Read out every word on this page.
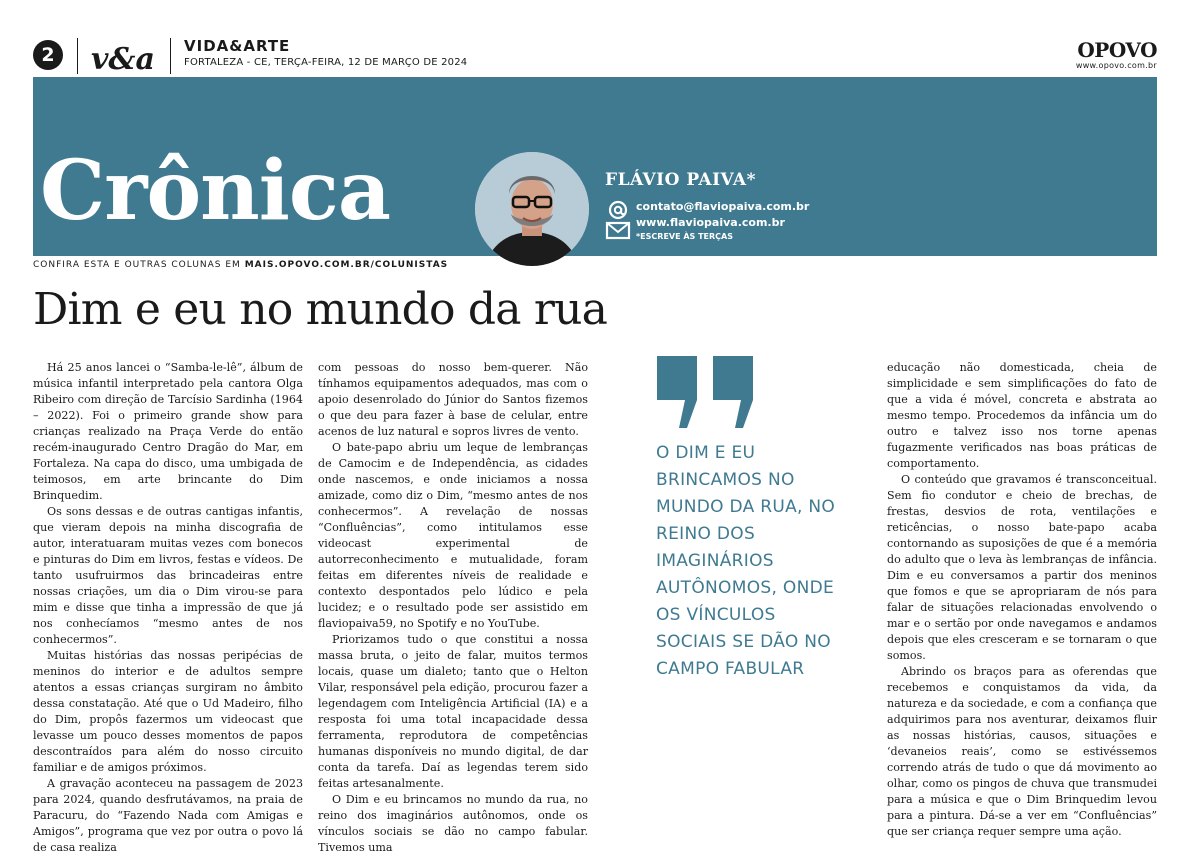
2 v&a VIDA&ARTE
FORTALEZA - CE, TERÇA-FEIRA, 12 DE MARÇO DE 2024
OPOVO
www.opovo.com.br
Crônica	FLÁVIO PAIVA*
contato@flaviopaiva.com.br
www.flaviopaiva.com.br
*ESCREVE ÀS TERÇAS
CONFIRA ESTA E OUTRAS COLUNAS EM MAIS.OPOVO.COM.BR/COLUNISTAS
Dim e eu no mundo da rua

Há 25 anos lancei o “Samba-le-lê”, álbum de música infantil interpretado pela cantora Olga Ribeiro com direção de Tarcísio Sardinha (1964 – 2022). Foi o primeiro grande show para crianças realizado na Praça Verde do então recém-inaugurado Centro Dragão do Mar, em Fortaleza. Na capa do disco, uma umbigada de teimosos, em arte brincante do Dim Brinquedim.

Os sons dessas e de outras cantigas infantis, que vieram depois na minha discografia de autor, interatuaram muitas vezes com bonecos e pinturas do Dim em livros, festas e vídeos. De tanto usufruirmos das brincadeiras entre nossas criações, um dia o Dim virou-se para mim e disse que tinha a impressão de que já nos conhecíamos “mesmo antes de nos conhecermos”.

Muitas histórias das nossas peripécias de meninos do interior e de adultos sempre atentos a essas crianças surgiram no âmbito dessa constatação. Até que o Ud Madeiro, filho do Dim, propôs fazermos um videocast que levasse um pouco desses momentos de papos descontraídos para além do nosso circuito familiar e de amigos próximos.

A gravação aconteceu na passagem de 2023 para 2024, quando desfrutávamos, na praia de Paracuru, do “Fazendo Nada com Amigas e Amigos”, programa que vez por outra o povo lá de casa realiza

com pessoas do nosso bem-querer. Não tínhamos equipamentos adequados, mas com o apoio desenrolado do Júnior do Santos fizemos o que deu para fazer à base de celular, entre acenos de luz natural e sopros livres de vento.

O bate-papo abriu um leque de lembranças de Camocim e de Independência, as cidades onde nascemos, e onde iniciamos a nossa amizade, como diz o Dim, “mesmo antes de nos conhecermos”. A revelação de nossas “Confluências”, como intitulamos esse videocast experimental de autorreconhecimento e mutualidade, foram feitas em diferentes níveis de realidade e contexto despontados pelo lúdico e pela lucidez; e o resultado pode ser assistido em flaviopaiva59, no Spotify e no YouTube.

Priorizamos tudo o que constitui a nossa massa bruta, o jeito de falar, muitos termos locais, quase um dialeto; tanto que o Helton Vilar, responsável pela edição, procurou fazer a legendagem com Inteligência Artificial (IA) e a resposta foi uma total incapacidade dessa ferramenta, reprodutora de competências humanas disponíveis no mundo digital, de dar conta da tarefa. Daí as legendas terem sido feitas artesanalmente.

O Dim e eu brincamos no mundo da rua, no reino dos imaginários autônomos, onde os vínculos sociais se dão no campo fabular. Tivemos uma

O DIM E EU BRINCAMOS NO MUNDO DA RUA, NO REINO DOS IMAGINÁRIOS AUTÔNOMOS, ONDE OS VÍNCULOS SOCIAIS SE DÃO NO CAMPO FABULAR

educação não domesticada, cheia de simplicidade e sem simplificações do fato de que a vida é móvel, concreta e abstrata ao mesmo tempo. Procedemos da infância um do outro e talvez isso nos torne apenas fugazmente verificados nas boas práticas de comportamento.

O conteúdo que gravamos é transconceitual. Sem fio condutor e cheio de brechas, de frestas, desvios de rota, ventilações e reticências, o nosso bate-papo acaba contornando as suposições de que é a memória do adulto que o leva às lembranças de infância. Dim e eu conversamos a partir dos meninos que fomos e que se apropriaram de nós para falar de situações relacionadas envolvendo o mar e o sertão por onde navegamos e andamos depois que eles cresceram e se tornaram o que somos.

Abrindo os braços para as oferendas que recebemos e conquistamos da vida, da natureza e da sociedade, e com a confiança que adquirimos para nos aventurar, deixamos fluir as nossas histórias, causos, situações e ‘devaneios reais’, como se estivéssemos correndo atrás de tudo o que dá movimento ao olhar, como os pingos de chuva que transmudei para a música e que o Dim Brinquedim levou para a pintura. Dá-se a ver em “Confluências” que ser criança requer sempre uma ação.
